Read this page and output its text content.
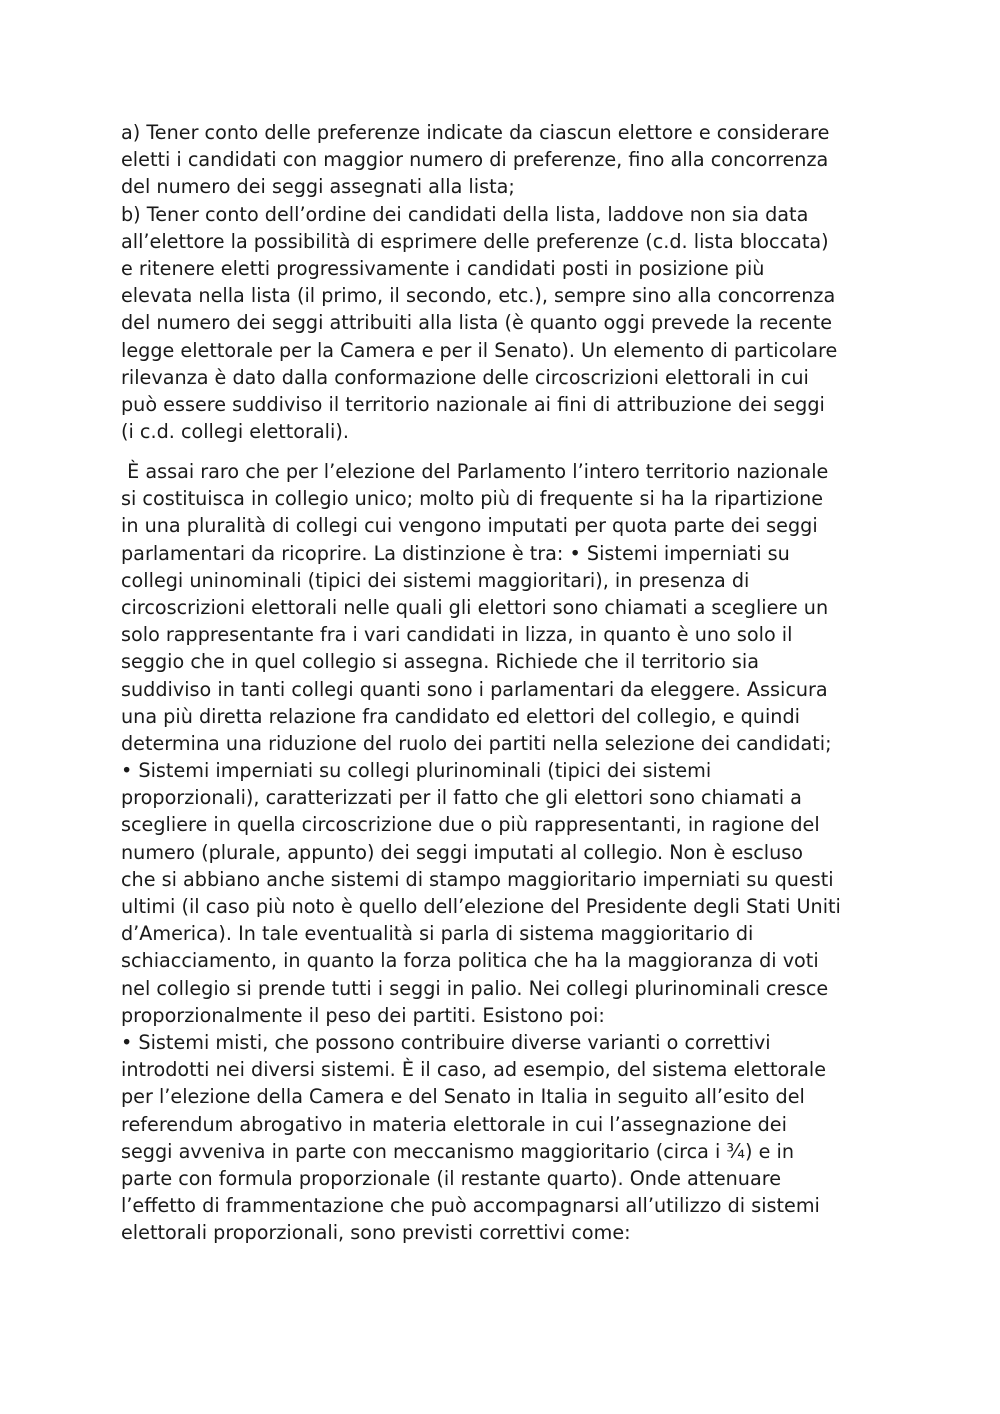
a) Tener conto delle preferenze indicate da ciascun elettore e considerare
eletti i candidati con maggior numero di preferenze, fino alla concorrenza
del numero dei seggi assegnati alla lista;
b) Tener conto dell’ordine dei candidati della lista, laddove non sia data
all’elettore la possibilità di esprimere delle preferenze (c.d. lista bloccata)
e ritenere eletti progressivamente i candidati posti in posizione più
elevata nella lista (il primo, il secondo, etc.), sempre sino alla concorrenza
del numero dei seggi attribuiti alla lista (è quanto oggi prevede la recente
legge elettorale per la Camera e per il Senato). Un elemento di particolare
rilevanza è dato dalla conformazione delle circoscrizioni elettorali in cui
può essere suddiviso il territorio nazionale ai fini di attribuzione dei seggi
(i c.d. collegi elettorali).
È assai raro che per l’elezione del Parlamento l’intero territorio nazionale
si costituisca in collegio unico; molto più di frequente si ha la ripartizione
in una pluralità di collegi cui vengono imputati per quota parte dei seggi
parlamentari da ricoprire. La distinzione è tra: • Sistemi imperniati su
collegi uninominali (tipici dei sistemi maggioritari), in presenza di
circoscrizioni elettorali nelle quali gli elettori sono chiamati a scegliere un
solo rappresentante fra i vari candidati in lizza, in quanto è uno solo il
seggio che in quel collegio si assegna. Richiede che il territorio sia
suddiviso in tanti collegi quanti sono i parlamentari da eleggere. Assicura
una più diretta relazione fra candidato ed elettori del collegio, e quindi
determina una riduzione del ruolo dei partiti nella selezione dei candidati;
• Sistemi imperniati su collegi plurinominali (tipici dei sistemi
proporzionali), caratterizzati per il fatto che gli elettori sono chiamati a
scegliere in quella circoscrizione due o più rappresentanti, in ragione del
numero (plurale, appunto) dei seggi imputati al collegio. Non è escluso
che si abbiano anche sistemi di stampo maggioritario imperniati su questi
ultimi (il caso più noto è quello dell’elezione del Presidente degli Stati Uniti
d’America). In tale eventualità si parla di sistema maggioritario di
schiacciamento, in quanto la forza politica che ha la maggioranza di voti
nel collegio si prende tutti i seggi in palio. Nei collegi plurinominali cresce
proporzionalmente il peso dei partiti. Esistono poi:
• Sistemi misti, che possono contribuire diverse varianti o correttivi
introdotti nei diversi sistemi. È il caso, ad esempio, del sistema elettorale
per l’elezione della Camera e del Senato in Italia in seguito all’esito del
referendum abrogativo in materia elettorale in cui l’assegnazione dei
seggi avveniva in parte con meccanismo maggioritario (circa i ¾) e in
parte con formula proporzionale (il restante quarto). Onde attenuare
l’effetto di frammentazione che può accompagnarsi all’utilizzo di sistemi
elettorali proporzionali, sono previsti correttivi come:
